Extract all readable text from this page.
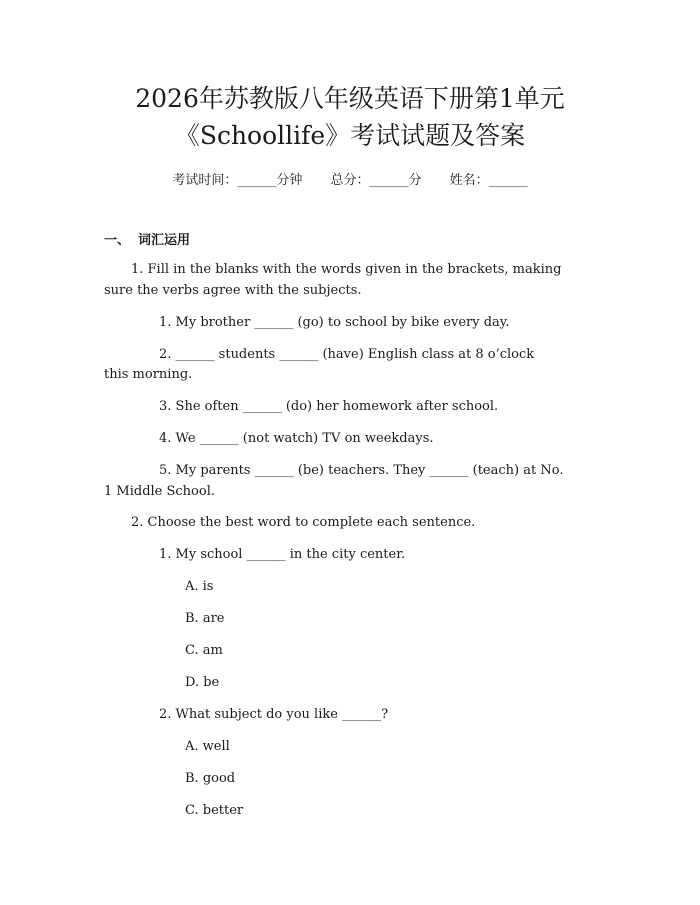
2026年苏教版八年级英语下册第1单元
《Schoollife》考试试题及答案
考试时间：______分钟 总分：______分 姓名：______
一、 词汇运用
1. Fill in the blanks with the words given in the brackets, making
sure the verbs agree with the subjects.
1. My brother ______ (go) to school by bike every day.
2. ______ students ______ (have) English class at 8 o’clock
this morning.
3. She often ______ (do) her homework after school.
4. We ______ (not watch) TV on weekdays.
5. My parents ______ (be) teachers. They ______ (teach) at No.
1 Middle School.
2. Choose the best word to complete each sentence.
1. My school ______ in the city center.
A. is
B. are
C. am
D. be
2. What subject do you like ______?
A. well
B. good
C. better
